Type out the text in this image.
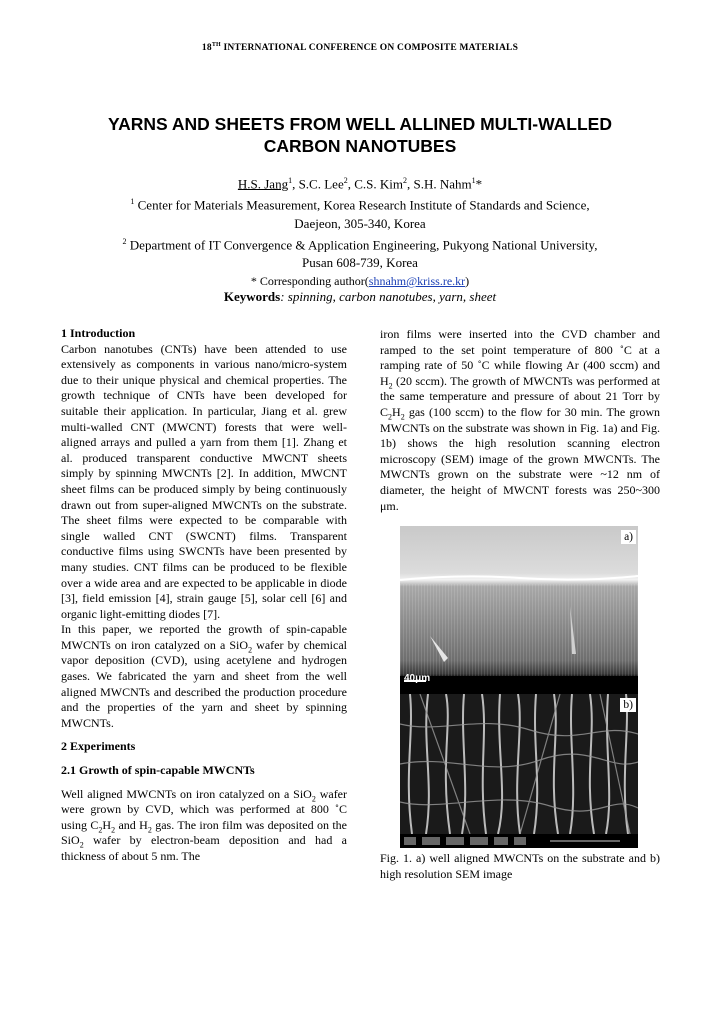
18TH INTERNATIONAL CONFERENCE ON COMPOSITE MATERIALS
YARNS AND SHEETS FROM WELL ALLINED MULTI-WALLED
CARBON NANOTUBES
H.S. Jang$^1$, S.C. Lee$^2$, C.S. Kim$^2$, S.H. Nahm$^1$*
$^1$ Center for Materials Measurement, Korea Research Institute of Standards and Science,
Daejeon, 305-340, Korea
$^2$ Department of IT Convergence & Application Engineering, Pukyong National University,
Pusan 608-739, Korea
* Corresponding author(shnahm@kriss.re.kr)
Keywords: spinning, carbon nanotubes, yarn, sheet
1 Introduction

Carbon nanotubes (CNTs) have been attended to use extensively as components in various nano/micro-system due to their unique physical and chemical properties. The growth technique of CNTs have been developed for suitable their application. In particular, Jiang et al. grew multi-walled CNT (MWCNT) forests that were well-aligned arrays and pulled a yarn from them [1]. Zhang et al. produced transparent conductive MWCNT sheets simply by spinning MWCNTs [2]. In addition, MWCNT sheet films can be produced simply by being continuously drawn out from super-aligned MWCNTs on the substrate. The sheet films were expected to be comparable with single walled CNT (SWCNT) films. Transparent conductive films using SWCNTs have been presented by many studies. CNT films can be produced to be flexible over a wide area and are expected to be applicable in diode [3], field emission [4], strain gauge [5], solar cell [6] and organic light-emitting diodes [7].

In this paper, we reported the growth of spin-capable MWCNTs on iron catalyzed on a SiO$_2$ wafer by chemical vapor deposition (CVD), using acetylene and hydrogen gases. We fabricated the yarn and sheet from the well aligned MWCNTs and described the production procedure and the properties of the yarn and sheet by spinning MWCNTs.

2 Experiments
2.1 Growth of spin-capable MWCNTs

Well aligned MWCNTs on iron catalyzed on a SiO$_2$ wafer were grown by CVD, which was performed at 800 ˚C using $C_2H_2$ and $H_2$ gas. The iron film was deposited on the SiO$_2$ wafer by electron-beam deposition and had a thickness of about 5 nm. The

iron films were inserted into the CVD chamber and ramped to the set point temperature of 800 ˚C at a ramping rate of 50 ˚C while flowing Ar (400 sccm) and $H_2$ (20 sccm). The growth of MWCNTs was performed at the same temperature and pressure of about 21 Torr by $C_2H_2$ gas (100 sccm) to the flow for 30 min. The grown MWCNTs on the substrate was shown in Fig. 1a) and Fig. 1b) shows the high resolution scanning electron microscopy (SEM) image of the grown MWCNTs. The MWCNTs grown on the substrate were ~12 nm of diameter, the height of MWCNT forests was 250~300 μm.

40μm
a)
b)
Fig. 1. a) well aligned MWCNTs on the substrate and b) high resolution SEM image
